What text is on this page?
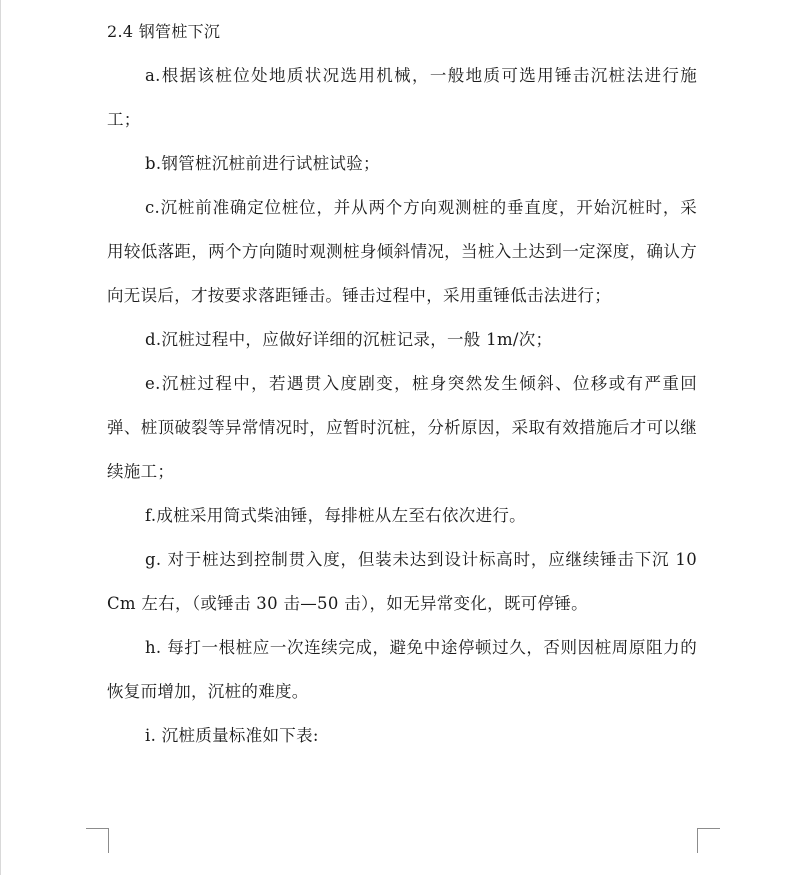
2.4 钢管桩下沉

a.根据该桩位处地质状况选用机械，一般地质可选用锤击沉桩法进行施工；

b.钢管桩沉桩前进行试桩试验；

c.沉桩前准确定位桩位，并从两个方向观测桩的垂直度，开始沉桩时，采用较低落距，两个方向随时观测桩身倾斜情况，当桩入土达到一定深度，确认方向无误后，才按要求落距锤击。锤击过程中，采用重锤低击法进行；

d.沉桩过程中，应做好详细的沉桩记录，一般 1m/次；

e.沉桩过程中，若遇贯入度剧变，桩身突然发生倾斜、位移或有严重回弹、桩顶破裂等异常情况时，应暂时沉桩，分析原因，采取有效措施后才可以继续施工；

f.成桩采用筒式柴油锤，每排桩从左至右依次进行。

g. 对于桩达到控制贯入度，但装未达到设计标高时，应继续锤击下沉 10 Cm 左右，（或锤击 30 击—50 击），如无异常变化，既可停锤。

h. 每打一根桩应一次连续完成，避免中途停顿过久，否则因桩周原阻力的恢复而增加，沉桩的难度。

i. 沉桩质量标准如下表:
